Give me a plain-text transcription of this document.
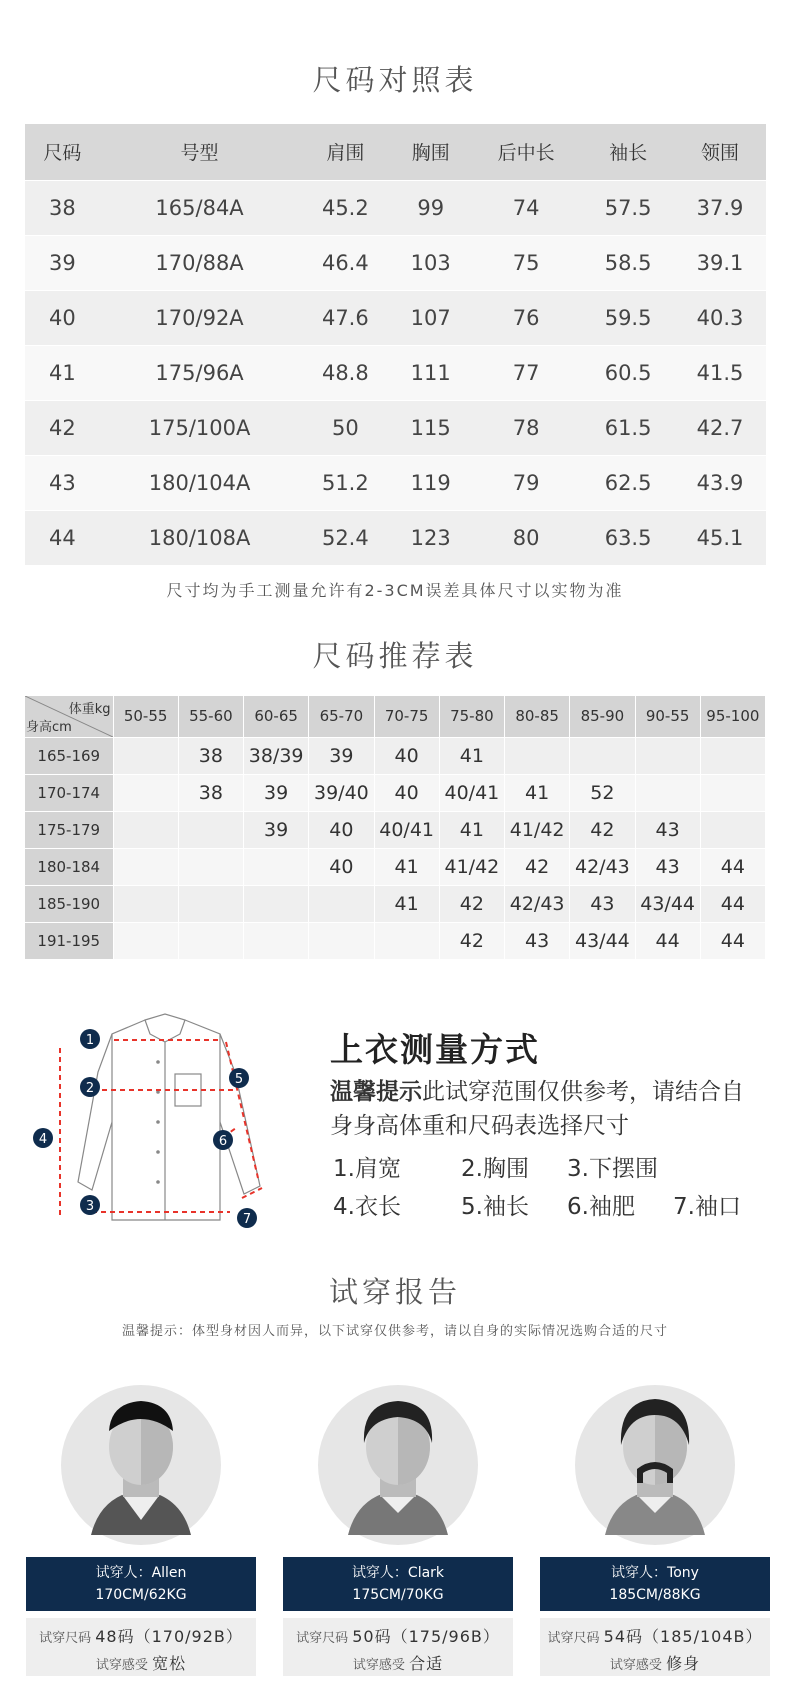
尺码对照表
尺码	号型	肩围	胸围	后中长	袖长	领围
38	165/84A	45.2	99	74	57.5	37.9
39	170/88A	46.4	103	75	58.5	39.1
40	170/92A	47.6	107	76	59.5	40.3
41	175/96A	48.8	111	77	60.5	41.5
42	175/100A	50	115	78	61.5	42.7
43	180/104A	51.2	119	79	62.5	43.9
44	180/108A	52.4	123	80	63.5	45.1
尺寸均为手工测量允许有2-3CM误差具体尺寸以实物为准
尺码推荐表
体重kg
身高cm	50-55	55-60	60-65	65-70	70-75	75-80	80-85	85-90	90-55	95-100
165-169		38	38/39	39	40	41				
170-174		38	39	39/40	40	40/41	41	52		
175-179			39	40	40/41	41	41/42	42	43	
180-184				40	41	41/42	42	42/43	43	44
185-190					41	42	42/43	43	43/44	44
191-195						42	43	43/44	44	44
1
2
3
4
5
6
7
上衣测量方式
温馨提示此试穿范围仅供参考，请结合自身身高体重和尺码表选择尺寸
1.肩宽	2.胸围	3.下摆围
4.衣长	5.袖长	6.袖肥	7.袖口
试穿报告
温馨提示：体型身材因人而异，以下试穿仅供参考，请以自身的实际情况选购合适的尺寸
试穿人：Allen
170CM/62KG
试穿尺码 48码（170/92B）
试穿感受 宽松
试穿人：Clark
175CM/70KG
试穿尺码 50码（175/96B）
试穿感受 合适
试穿人：Tony
185CM/88KG
试穿尺码 54码（185/104B）
试穿感受 修身
